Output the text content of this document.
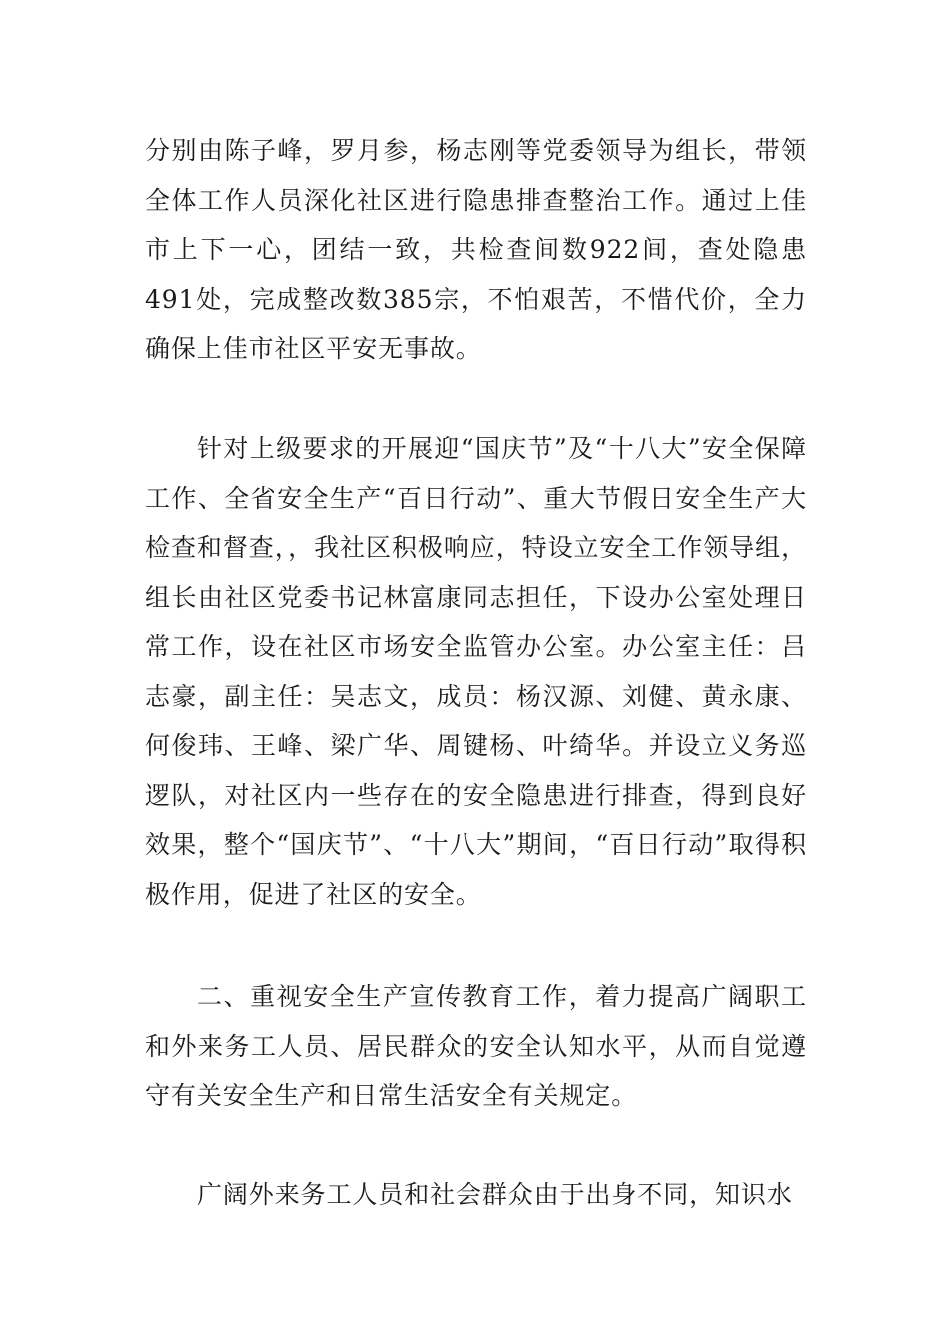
分别由陈子峰，罗月参，杨志刚等党委领导为组长，带领全体工作人员深化社区进行隐患排查整治工作。通过上佳市上下一心，团结一致，共检查间数922间，查处隐患491处，完成整改数385宗，不怕艰苦，不惜代价，全力确保上佳市社区平安无事故。

针对上级要求的开展迎“国庆节”及“十八大”安全保障工作、全省安全生产“百日行动”、重大节假日安全生产大检查和督查，，我社区积极响应，特设立安全工作领导组，组长由社区党委书记林富康同志担任，下设办公室处理日常工作，设在社区市场安全监管办公室。办公室主任：吕志豪，副主任：吴志文，成员：杨汉源、刘健、黄永康、何俊玮、王峰、梁广华、周键杨、叶绮华。并设立义务巡逻队，对社区内一些存在的安全隐患进行排查，得到良好效果，整个“国庆节”、“十八大”期间，“百日行动”取得积极作用，促进了社区的安全。

二、重视安全生产宣传教育工作，着力提高广阔职工和外来务工人员、居民群众的安全认知水平，从而自觉遵守有关安全生产和日常生活安全有关规定。

广阔外来务工人员和社会群众由于出身不同，知识水
